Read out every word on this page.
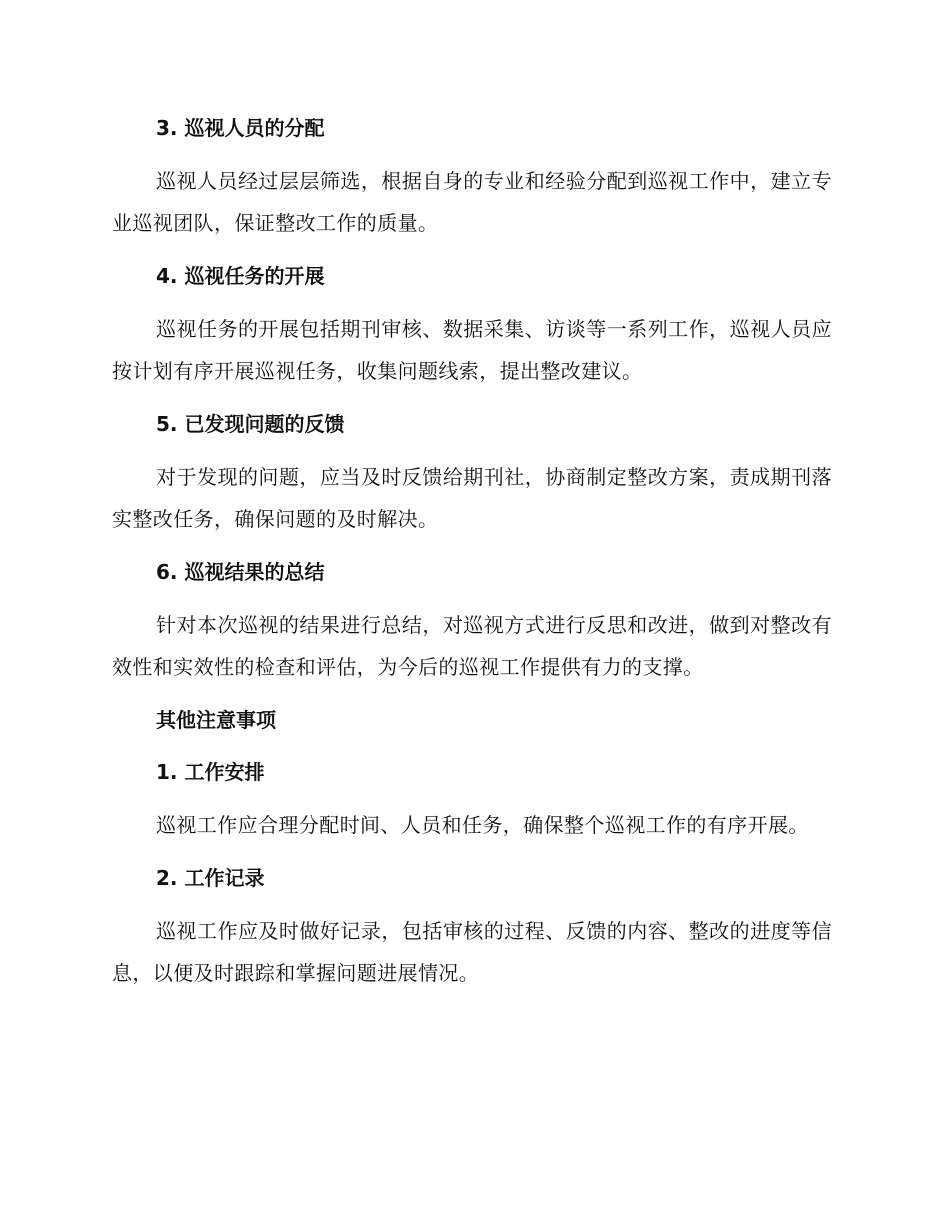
3. 巡视人员的分配

巡视人员经过层层筛选，根据自身的专业和经验分配到巡视工作中，建立专业巡视团队，保证整改工作的质量。

4. 巡视任务的开展

巡视任务的开展包括期刊审核、数据采集、访谈等一系列工作，巡视人员应按计划有序开展巡视任务，收集问题线索，提出整改建议。

5. 已发现问题的反馈

对于发现的问题，应当及时反馈给期刊社，协商制定整改方案，责成期刊落实整改任务，确保问题的及时解决。

6. 巡视结果的总结

针对本次巡视的结果进行总结，对巡视方式进行反思和改进，做到对整改有效性和实效性的检查和评估，为今后的巡视工作提供有力的支撑。

其他注意事项
1. 工作安排

巡视工作应合理分配时间、人员和任务，确保整个巡视工作的有序开展。

2. 工作记录

巡视工作应及时做好记录，包括审核的过程、反馈的内容、整改的进度等信息，以便及时跟踪和掌握问题进展情况。
